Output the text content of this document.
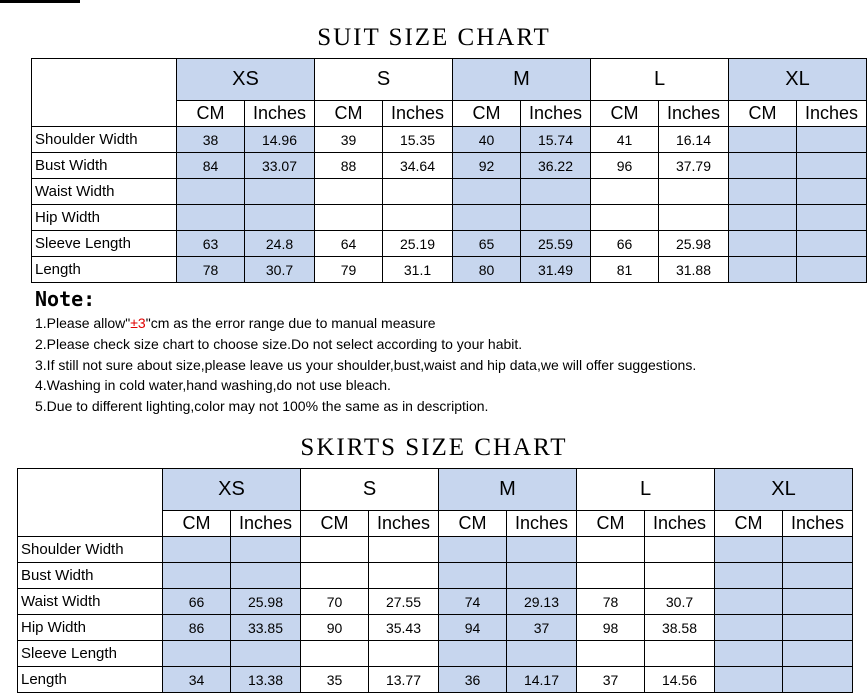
SUIT SIZE CHART
	XS		S		M		L		XL	
	CM	Inches	CM	Inches	CM	Inches	CM	Inches	CM	Inches
Shoulder Width	38	14.96	39	15.35	40	15.74	41	16.14		
Bust Width	84	33.07	88	34.64	92	36.22	96	37.79		
Waist Width										
Hip Width										
Sleeve Length	63	24.8	64	25.19	65	25.59	66	25.98		
Length	78	30.7	79	31.1	80	31.49	81	31.88		
Note:
1.Please allow"±3"cm as the error range due to manual measure
2.Please check size chart to choose size.Do not select according to your habit.
3.If still not sure about size,please leave us your shoulder,bust,waist and hip data,we will offer suggestions.
4.Washing in cold water,hand washing,do not use bleach.
5.Due to different lighting,color may not 100% the same as in description.
SKIRTS SIZE CHART
	XS		S		M		L		XL	
	CM	Inches	CM	Inches	CM	Inches	CM	Inches	CM	Inches
Shoulder Width										
Bust Width										
Waist Width	66	25.98	70	27.55	74	29.13	78	30.7		
Hip Width	86	33.85	90	35.43	94	37	98	38.58		
Sleeve Length										
Length	34	13.38	35	13.77	36	14.17	37	14.56		
